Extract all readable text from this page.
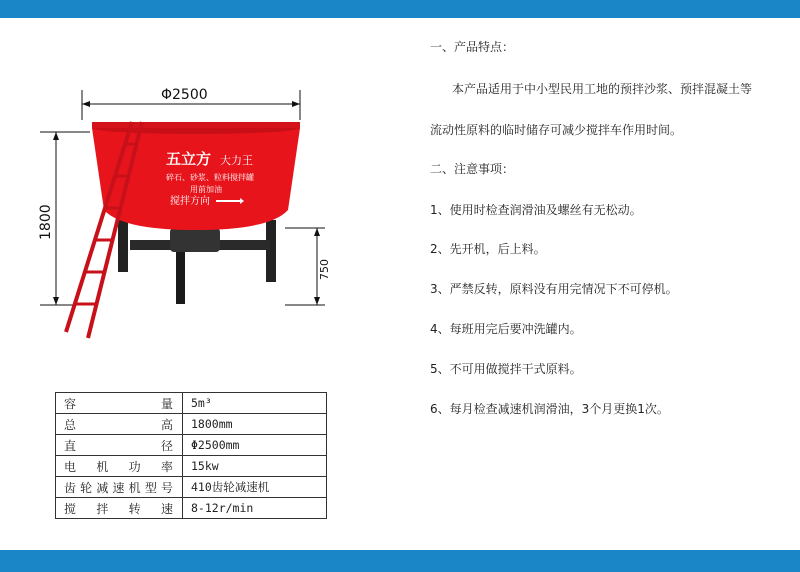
Φ2500
1800
750
五立方 大力王
碎石、砂浆、粒料搅拌罐
用前加油
搅拌方向
容量	5m³
总高	1800mm
直径	Φ2500mm
电机功率	15kw
齿轮减速机型号	410齿轮减速机
搅拌转速	8-12r/min
一、产品特点：
本产品适用于中小型民用工地的预拌沙浆、预拌混凝土等
流动性原料的临时储存可减少搅拌车作用时间。
二、注意事项：
1、使用时检查润滑油及螺丝有无松动。
2、先开机，后上料。
3、严禁反转，原料没有用完情况下不可停机。
4、每班用完后要冲洗罐内。
5、不可用做搅拌干式原料。
6、每月检查减速机润滑油，3个月更换1次。
